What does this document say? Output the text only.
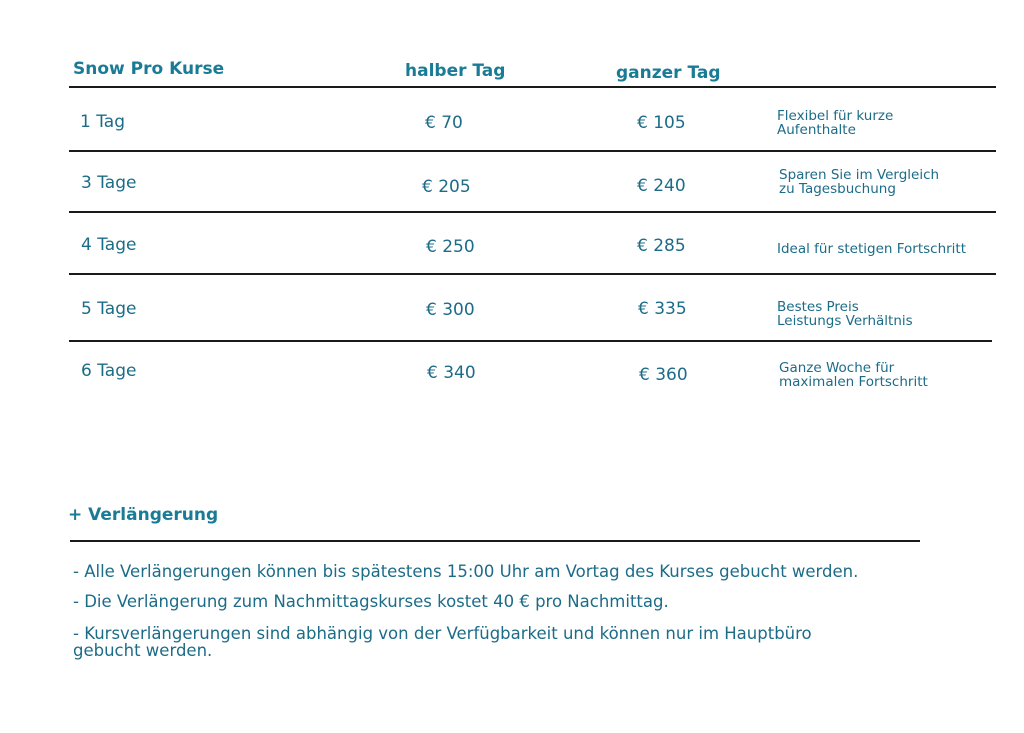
Snow Pro Kurse	halber Tag	ganzer Tag
1 Tag	€ 70	€ 105	Flexibel für kurze
Aufenthalte
3 Tage	€ 205	€ 240
Sparen Sie im Vergleich
zu Tagesbuchung
4 Tage	€ 250	€ 285	Ideal für stetigen Fortschritt
5 Tage	€ 300	€ 335	Bestes Preis
Leistungs Verhältnis
6 Tage	€ 340	€ 360	Ganze Woche für
maximalen Fortschritt
+ Verlängerung
- Alle Verlängerungen können bis spätestens 15:00 Uhr am Vortag des Kurses gebucht werden.
- Die Verlängerung zum Nachmittagskurses kostet 40 € pro Nachmittag.
- Kursverlängerungen sind abhängig von der Verfügbarkeit und können nur im Hauptbüro
gebucht werden.
